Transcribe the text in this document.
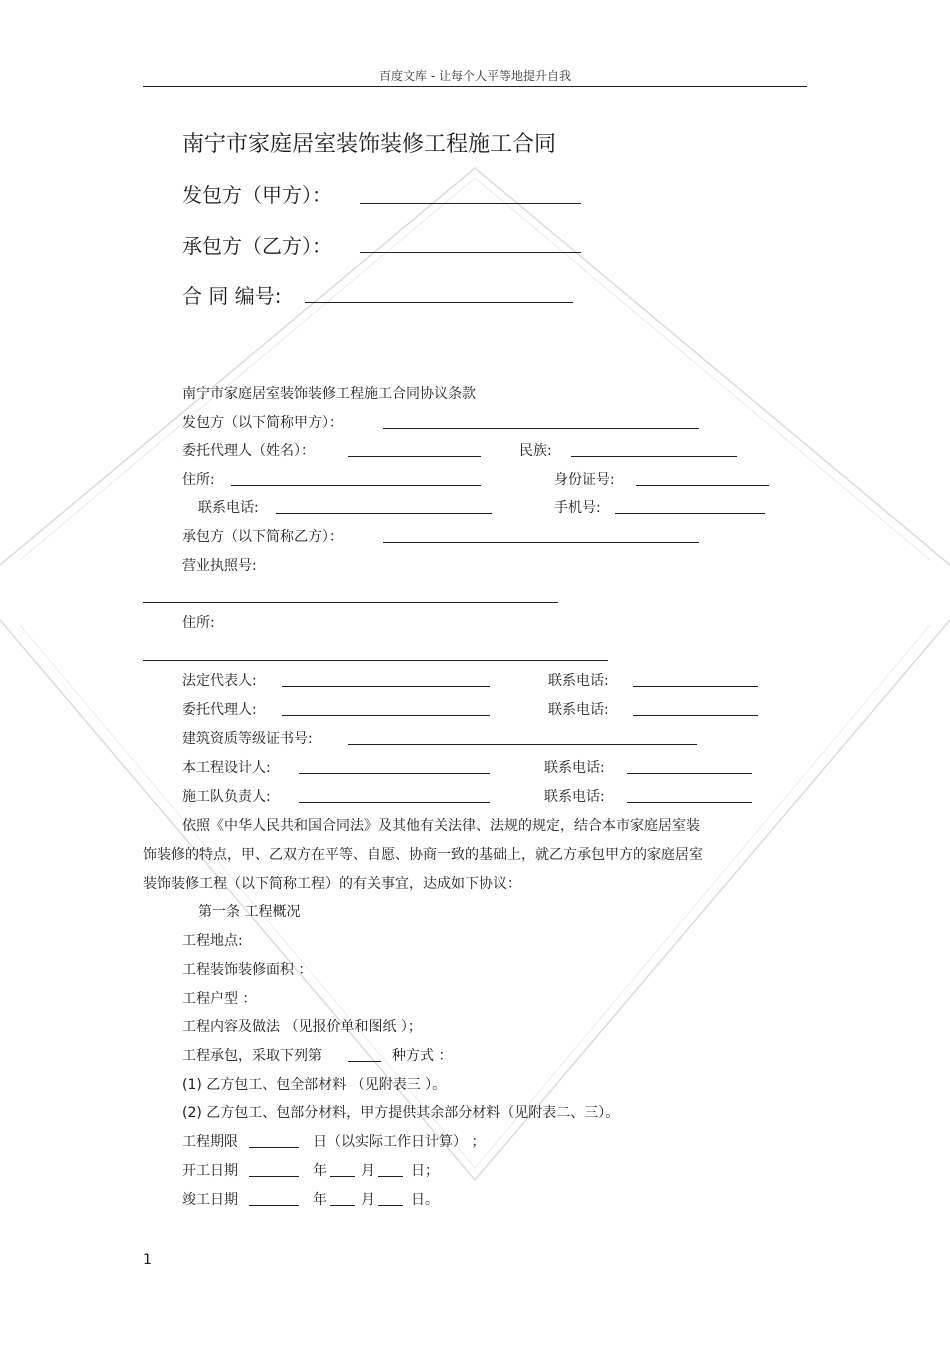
百度文库 - 让每个人平等地提升自我
南宁市家庭居室装饰装修工程施工合同
发包方（甲方）：
承包方（乙方）：
合 同 编号:
南宁市家庭居室装饰装修工程施工合同协议条款
发包方（以下简称甲方）：
委托代理人（姓名）：	民族:
住所:	身份证号:
联系电话:	手机号:
承包方（以下简称乙方）：
营业执照号:
住所:
法定代表人:	联系电话:
委托代理人:	联系电话:
建筑资质等级证书号:
本工程设计人:	联系电话:
施工队负责人:	联系电话:
依照《中华人民共和国合同法》及其他有关法律、法规的规定，结合本市家庭居室装
饰装修的特点，甲、乙双方在平等、自愿、协商一致的基础上，就乙方承包甲方的家庭居室
装饰装修工程（以下简称工程）的有关事宜，达成如下协议：
第一条 工程概况
工程地点:
工程装饰装修面积 ：
工程户型 ：
工程内容及做法 （见报价单和图纸 ）；
工程承包，采取下列第	种方式 ：
(1) 乙方包工、包全部材料 （见附表三 ）。
(2) 乙方包工、包部分材料，甲方提供其余部分材料（见附表二、三）。
工程期限	日（以实际工作日计算） ；
开工日期	年 月	日；
竣工日期	年 月	日。
1
